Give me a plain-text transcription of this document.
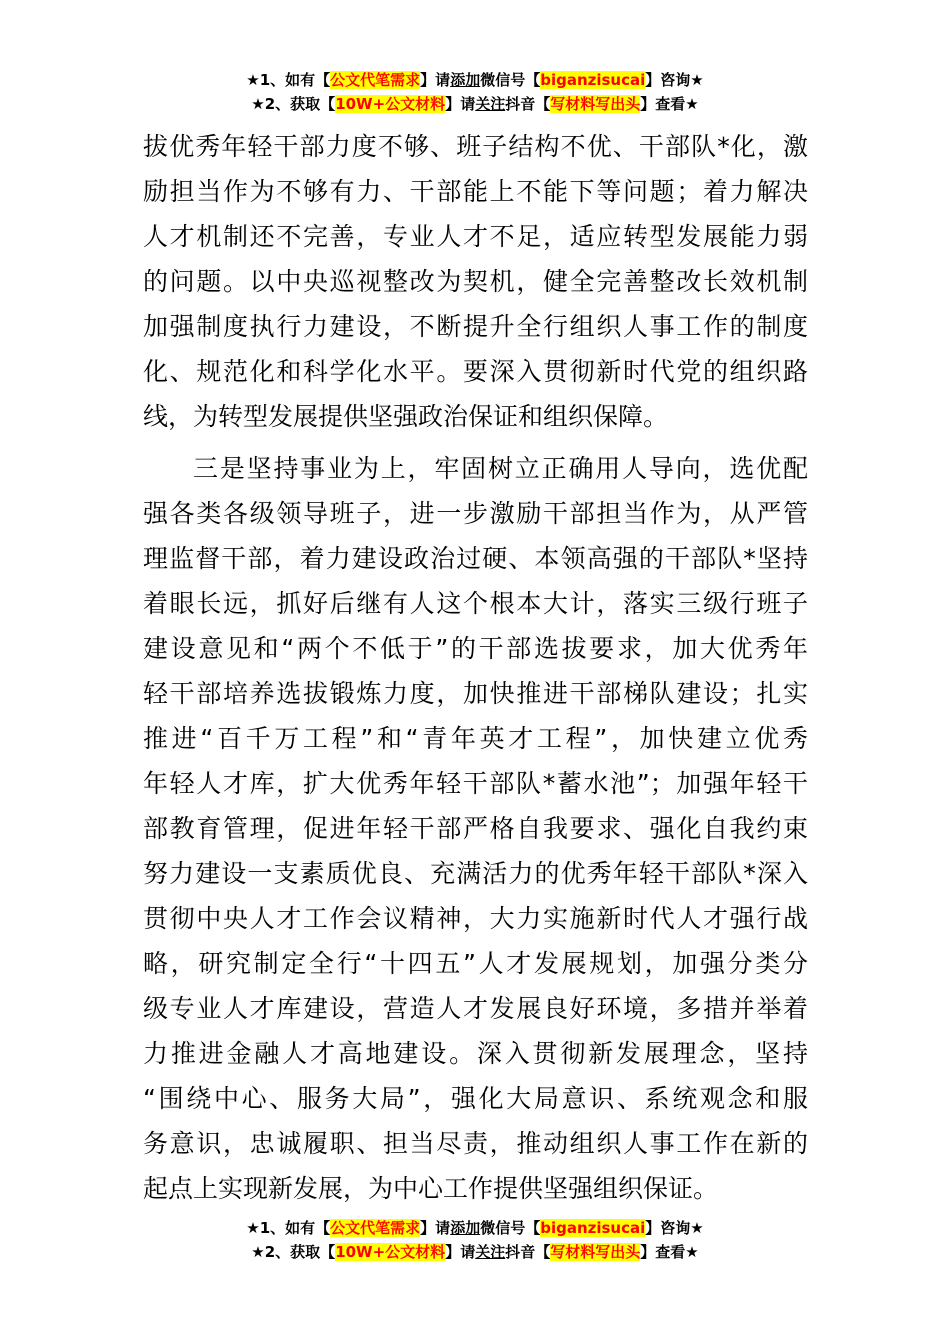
★1、如有【公文代笔需求】请添加微信号【biganzisucai】咨询★
★2、获取【10W+公文材料】请关注抖音【写材料写出头】查看★
拔优秀年轻干部力度不够、班子结构不优、干部队*化，激
励担当作为不够有力、干部能上不能下等问题；着力解决
人才机制还不完善，专业人才不足，适应转型发展能力弱
的问题。以中央巡视整改为契机，健全完善整改长效机制
加强制度执行力建设，不断提升全行组织人事工作的制度
化、规范化和科学化水平。要深入贯彻新时代党的组织路
线，为转型发展提供坚强政治保证和组织保障。
三是坚持事业为上，牢固树立正确用人导向，选优配
强各类各级领导班子，进一步激励干部担当作为，从严管
理监督干部，着力建设政治过硬、本领高强的干部队*坚持
着眼长远，抓好后继有人这个根本大计，落实三级行班子
建设意见和“两个不低于”的干部选拔要求，加大优秀年
轻干部培养选拔锻炼力度，加快推进干部梯队建设；扎实
推进“百千万工程”和“青年英才工程”，加快建立优秀
年轻人才库，扩大优秀年轻干部队*蓄水池”；加强年轻干
部教育管理，促进年轻干部严格自我要求、强化自我约束
努力建设一支素质优良、充满活力的优秀年轻干部队*深入
贯彻中央人才工作会议精神，大力实施新时代人才强行战
略，研究制定全行“十四五”人才发展规划，加强分类分
级专业人才库建设，营造人才发展良好环境，多措并举着
力推进金融人才高地建设。深入贯彻新发展理念，坚持
“围绕中心、服务大局”，强化大局意识、系统观念和服
务意识，忠诚履职、担当尽责，推动组织人事工作在新的
起点上实现新发展，为中心工作提供坚强组织保证。
★1、如有【公文代笔需求】请添加微信号【biganzisucai】咨询★
★2、获取【10W+公文材料】请关注抖音【写材料写出头】查看★
